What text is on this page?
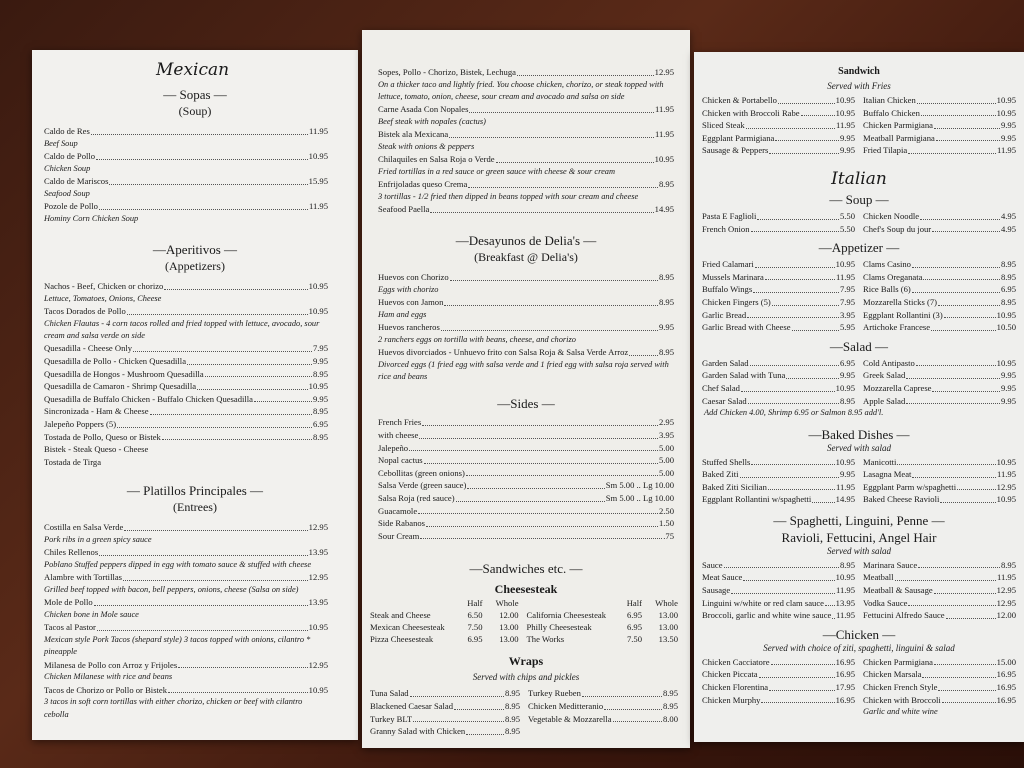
Mexican
— Sopas —
(Soup)
Caldo de Res	11.95
Beef Soup
Caldo de Pollo	10.95
Chicken Soup
Caldo de Mariscos	15.95
Seafood Soup
Pozole de Pollo	11.95
Hominy Corn Chicken Soup
—Aperitivos —
(Appetizers)
Nachos - Beef, Chicken or chorizo	10.95
Lettuce, Tomatoes, Onions, Cheese
Tacos Dorados de Pollo	10.95
Chicken Flautas - 4 corn tacos rolled and fried topped with lettuce, avocado, sour cream and salsa verde on side
Quesadilla - Cheese Only	7.95
Quesadilla de Pollo - Chicken Quesadilla	9.95
Quesadilla de Hongos - Mushroom Quesadilla	8.95
Quesadilla de Camaron - Shrimp Quesadilla	10.95
Quesadilla de Buffalo Chicken - Buffalo Chicken Quesadilla	9.95
Sincronizada - Ham & Cheese	8.95
Jalepeño Poppers (5)	6.95
Tostada de Pollo, Queso or Bistek	8.95
Bistek - Steak Queso - Cheese
Tostada de Tirga
— Platillos Principales —
(Entrees)
Costilla en Salsa Verde	12.95
Pork ribs in a green spicy sauce
Chiles Rellenos	13.95
Poblano Stuffed peppers dipped in egg with tomato sauce & stuffed with cheese
Alambre with Tortillas	12.95
Grilled beef topped with bacon, bell peppers, onions, cheese (Salsa on side)
Mole de Pollo	13.95
Chicken bone in Mole sauce
Tacos al Pastor	10.95
Mexican style Pork Tacos (shepard style) 3 tacos topped with onions, cilantro * pineapple
Milanesa de Pollo con Arroz y Frijoles	12.95
Chicken Milanese with rice and beans
Tacos de Chorizo or Pollo or Bistek	10.95
3 tacos in soft corn tortillas with either chorizo, chicken or beef with cilantro cebolla
Sopes, Pollo - Chorizo, Bistek, Lechuga	12.95
On a thicker taco and lightly fried. You choose chicken, chorizo, or steak topped with lettuce, tomato, onion, cheese, sour cream and avocado and salsa on side
Carne Asada Con Nopales	11.95
Beef steak with nopales (cactus)
Bistek ala Mexicana	11.95
Steak with onions & peppers
Chilaquiles en Salsa Roja o Verde	10.95
Fried tortillas in a red sauce or green sauce with cheese & sour cream
Enfrijoladas queso Crema	8.95
3 tortillas - 1/2 fried then dipped in beans topped with sour cream and cheese
Seafood Paella	14.95
—Desayunos de Delia's —
(Breakfast @ Delia's)
Huevos con Chorizo	8.95
Eggs with chorizo
Huevos con Jamon	8.95
Ham and eggs
Huevos rancheros	9.95
2 ranchers eggs on tortilla with beans, cheese, and chorizo
Huevos divorciados - Unhuevo frito con Salsa Roja & Salsa Verde Arroz	8.95
Divorced eggs (1 fried egg with salsa verde and 1 fried egg with salsa roja served with rice and beans
—Sides —
French Fries	2.95
with cheese	3.95
Jalepeño	5.00
Nopal cactus	5.00
Cebollitas (green onions)	5.00
Salsa Verde (green sauce)	Sm 5.00 .. Lg 10.00
Salsa Roja (red sauce)	Sm 5.00 .. Lg 10.00
Guacamole	2.50
Side Rabanos	1.50
Sour Cream	.75
—Sandwiches etc. —
Cheesesteak
Half	Whole
Steak and Cheese	6.50	12.00
Mexican Cheesesteak	7.50	13.00
Pizza Cheesesteak	6.95	13.00
Half	Whole
California Cheesesteak	6.95	13.00
Philly Cheesesteak	6.95	13.00
The Works	7.50	13.50
Wraps
Served with chips and pickles
Tuna Salad	8.95
Blackened Caesar Salad	8.95
Turkey BLT	8.95
Granny Salad with Chicken	8.95
Turkey Rueben	8.95
Chicken Meditteranio	8.95
Vegetable & Mozzarella	8.00
Sandwich
Served with Fries
Chicken & Portabello	10.95
Chicken with Broccoli Rabe	10.95
Sliced Steak	11.95
Eggplant Parmigiana	9.95
Sausage & Peppers	9.95
Italian Chicken	10.95
Buffalo Chicken	10.95
Chicken Parmigiana	9.95
Meatball Parmigiana	9.95
Fried Tilapia	11.95
Italian
— Soup —
Pasta E Faglioli	5.50
French Onion	5.50
Chicken Noodle	4.95
Chef's Soup du jour	4.95
—Appetizer —
Fried Calamari	10.95
Mussels Marinara	11.95
Buffalo Wings	7.95
Chicken Fingers (5)	7.95
Garlic Bread	3.95
Garlic Bread with Cheese	5.95
Clams Casino	8.95
Clams Oreganata	8.95
Rice Balls (6)	6.95
Mozzarella Sticks (7)	8.95
Eggplant Rollantini (3)	10.95
Artichoke Francese	10.50
—Salad —
Garden Salad	6.95
Garden Salad with Tuna	9.95
Chef Salad	10.95
Caesar Salad	8.95
Cold Antipasto	10.95
Greek Salad	9.95
Mozzarella Caprese	9.95
Apple Salad	9.95
Add Chicken 4.00, Shrimp 6.95 or Salmon 8.95 add'l.
—Baked Dishes —
Served with salad
Stuffed Shells	10.95
Baked Ziti	9.95
Baked Ziti Sicilian	11.95
Eggplant Rollantini w/spaghetti	14.95
Manicotti	10.95
Lasagna Meat	11.95
Eggplant Parm w/spaghetti	12.95
Baked Cheese Ravioli	10.95
— Spaghetti, Linguini, Penne —
Ravioli, Fettucini, Angel Hair
Served with salad
Sauce	8.95
Meat Sauce	10.95
Sausage	11.95
Linguini w/white or red clam sauce 13.95
Broccoli, garlic and white wine sauce 11.95
Marinara Sauce	8.95
Meatball	11.95
Meatball & Sausage	12.95
Vodka Sauce	12.95
Fettucini Alfredo Sauce	12.00
—Chicken —
Served with choice of ziti, spaghetti, linguini & salad
Chicken Cacciatore	16.95
Chicken Piccata	16.95
Chicken Florentina	17.95
Chicken Murphy	16.95
Chicken Parmigiana	15.00
Chicken Marsala	16.95
Chicken French Style	16.95
Chicken with Broccoli	16.95
Garlic and white wine
